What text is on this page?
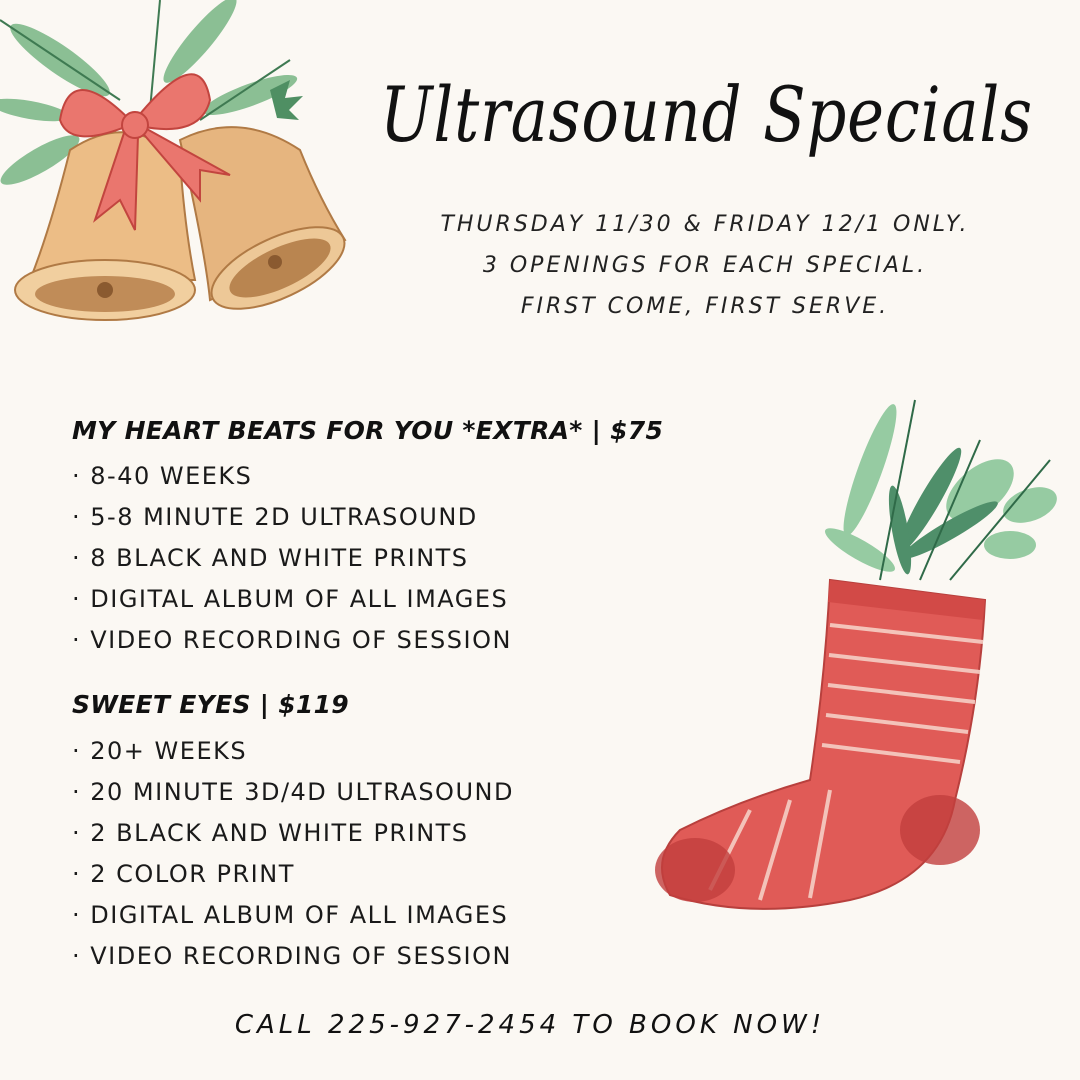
Ultrasound Specials
THURSDAY 11/30 & FRIDAY 12/1 ONLY.
3 OPENINGS FOR EACH SPECIAL.
FIRST COME, FIRST SERVE.
MY HEART BEATS FOR YOU *EXTRA* | $75
· 8-40 WEEKS
· 5-8 MINUTE 2D ULTRASOUND
· 8 BLACK AND WHITE PRINTS
· DIGITAL ALBUM OF ALL IMAGES
· VIDEO RECORDING OF SESSION
SWEET EYES | $119
· 20+ WEEKS
· 20 MINUTE 3D/4D ULTRASOUND
· 2 BLACK AND WHITE PRINTS
· 2 COLOR PRINT
· DIGITAL ALBUM OF ALL IMAGES
· VIDEO RECORDING OF SESSION
CALL 225-927-2454 TO BOOK NOW!
